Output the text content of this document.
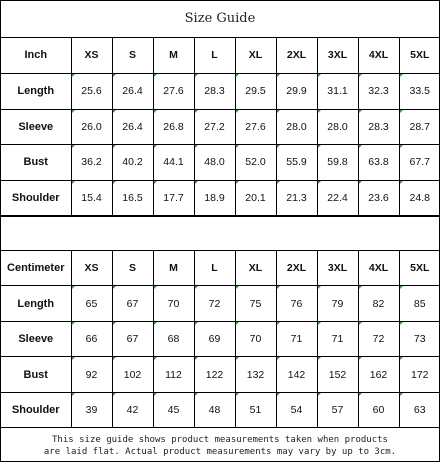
Size Guide
Inch	XS	S	M	L	XL	2XL	3XL	4XL	5XL
Length	25.6	26.4	27.6	28.3	29.5	29.9	31.1	32.3	33.5
Sleeve	26.0	26.4	26.8	27.2	27.6	28.0	28.0	28.3	28.7
Bust	36.2	40.2	44.1	48.0	52.0	55.9	59.8	63.8	67.7
Shoulder	15.4	16.5	17.7	18.9	20.1	21.3	22.4	23.6	24.8
Centimeter	XS	S	M	L	XL	2XL	3XL	4XL	5XL
Length	65	67	70	72	75	76	79	82	85
Sleeve	66	67	68	69	70	71	71	72	73
Bust	92	102	112	122	132	142	152	162	172
Shoulder	39	42	45	48	51	54	57	60	63
This size guide shows product measurements taken when products
are laid flat. Actual product measurements may vary by up to 3cm.
